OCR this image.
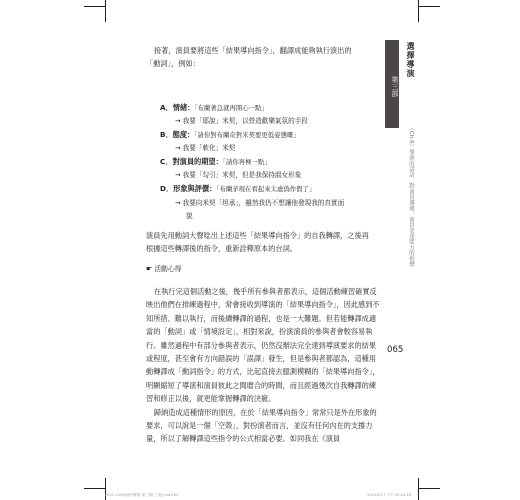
接著，演員要將這些「結果導向指令」，翻譯成能夠執行演出的

「動詞」，例如：

A．情緒：「布蘭著急就再開心一點」
→ 我要「耶說」米契，以營造歡樂氣氛的手段
B．態度：「請你對布蘭奇對米契要更低姿態嘅」
→ 我要「軟化」米契
C．對演員的期望：「請你再極一點」
→ 我要「勾引」米契，但是我保持淑女形象
D．形象與評價：「布蘭茅現在看起來太虛偽作假了」
→ 我要向米契「坦承」，雖然我仍不想讓他發現我的真實面
貌

演員先用動詞大聲唸出上述這些「結果導向指令」的自我轉譯，之後再

根據這些轉譯後的指令，重新詮釋原本的台詞。

☛ 活動心得

在執行完這個活動之後，幾乎所有參與者都表示，這個活動練習確實反映出他們在排練過程中，常會接收到導演的「結果導向指令」，因此感到不知所措、難以執行，而後續轉譯的過程，也是一大難題。但若能轉譯成適當的「動詞」或「情境設定」，相對來說，扮演演員的參與者會較容易執行。雖然過程中有部分參與者表示，仍然沒辦法完全達到導演要求的結果或程度，甚至會有方向錯誤的「誤譯」發生，但是參與者都認為，這種用動轉譯成「動詞指令」的方式，比起直接去臆測模糊的「結果導向指令」，明顯縮短了導演和演員彼此之間磨合的時間，而且經過幾次自我轉譯的練習和修正以後，就更能掌握轉譯的決竅。

歸納造成這種情形的原因，在於「結果導向指令」常常只是外在形象的要求，可以說是一個「空殼」，對扮演者而言，並沒有任何內在的支撐力量，所以了解轉譯這些指令的公式相當必要。如同我在《演員

第三部
選擇導演
〈Ch.6〉導演的話語、對演員溝通：演員表達能力的指標
065
P001-149演員的聲帶-第三部(三)校).indd 65	2015/8/17 下午 05:54:18
